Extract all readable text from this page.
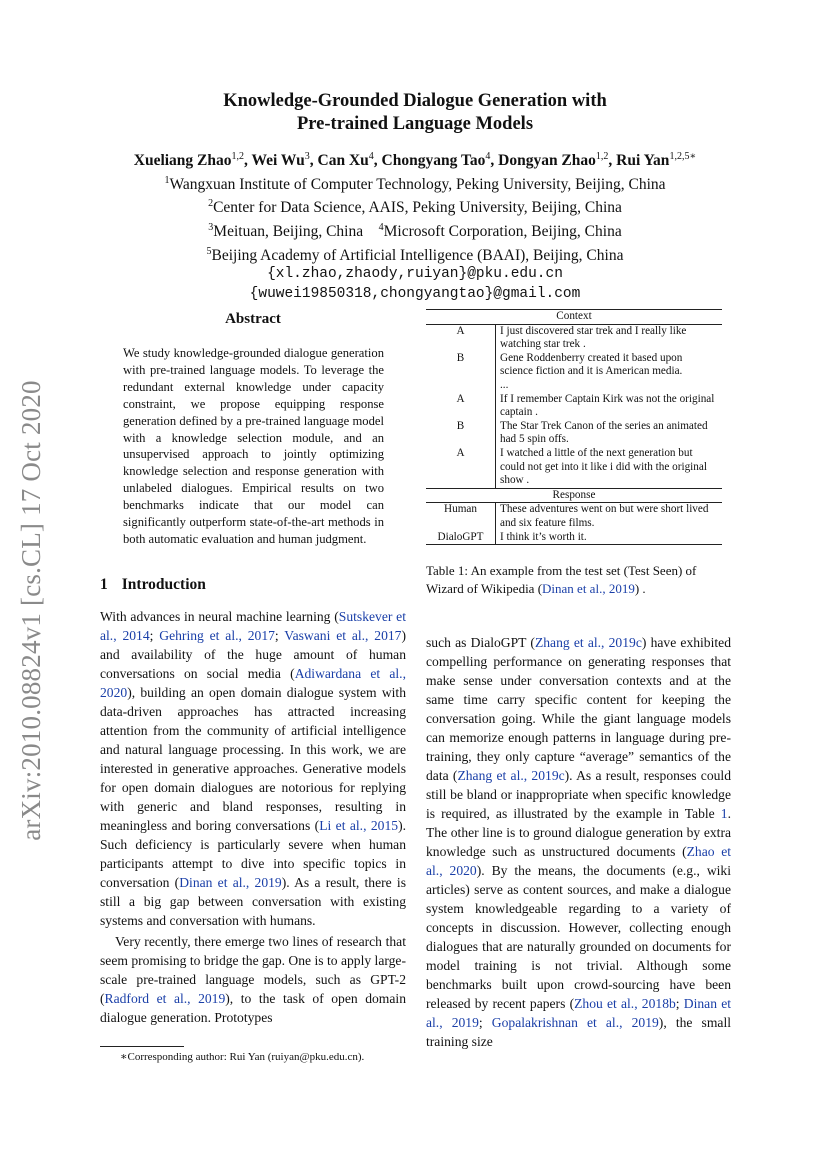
arXiv:2010.08824v1 [cs.CL] 17 Oct 2020
Knowledge-Grounded Dialogue Generation with
Pre-trained Language Models
Xueliang Zhao$^{1,2}$, Wei Wu$^3$, Can Xu$^4$, Chongyang Tao$^4$, Dongyan Zhao$^{1,2}$, Rui Yan$^{1,2,5∗}$
$^1$Wangxuan Institute of Computer Technology, Peking University, Beijing, China
$^2$Center for Data Science, AAIS, Peking University, Beijing, China
$^3$Meituan, Beijing, China  $^4$Microsoft Corporation, Beijing, China
$^5$Beijing Academy of Artificial Intelligence (BAAI), Beijing, China
{xl.zhao,zhaody,ruiyan}@pku.edu.cn
{wuwei19850318,chongyangtao}@gmail.com
Abstract
We study knowledge-grounded dialogue generation with pre-trained language models. To leverage the redundant external knowledge under capacity constraint, we propose equipping response generation defined by a pre-trained language model with a knowledge selection module, and an unsupervised approach to jointly optimizing knowledge selection and response generation with unlabeled dialogues. Empirical results on two benchmarks indicate that our model can significantly outperform state-of-the-art methods in both automatic evaluation and human judgment.
Context	
A	I just discovered star trek and I really like watching star trek .
B	Gene Roddenberry created it based upon science fiction and it is American media.
	...
A	If I remember Captain Kirk was not the original captain .
B	The Star Trek Canon of the series an animated had 5 spin offs.
A	I watched a little of the next generation but could not get into it like i did with the original show .
Response	
Human	These adventures went on but were short lived and six feature films.
DialoGPT	I think it’s worth it.
Table 1: An example from the test set (Test Seen) of Wizard of Wikipedia (Dinan et al., 2019) .
1 Introduction

With advances in neural machine learning (Sutskever et al., 2014; Gehring et al., 2017; Vaswani et al., 2017) and availability of the huge amount of human conversations on social media (Adiwardana et al., 2020), building an open domain dialogue system with data-driven approaches has attracted increasing attention from the community of artificial intelligence and natural language processing. In this work, we are interested in generative approaches. Generative models for open domain dialogues are notorious for replying with generic and bland responses, resulting in meaningless and boring conversations (Li et al., 2015). Such deficiency is particularly severe when human participants attempt to dive into specific topics in conversation (Dinan et al., 2019). As a result, there is still a big gap between conversation with existing systems and conversation with humans.

Very recently, there emerge two lines of research that seem promising to bridge the gap. One is to apply large-scale pre-trained language models, such as GPT-2 (Radford et al., 2019), to the task of open domain dialogue generation. Prototypes

such as DialoGPT (Zhang et al., 2019c) have exhibited compelling performance on generating responses that make sense under conversation contexts and at the same time carry specific content for keeping the conversation going. While the giant language models can memorize enough patterns in language during pre-training, they only capture “average” semantics of the data (Zhang et al., 2019c). As a result, responses could still be bland or inappropriate when specific knowledge is required, as illustrated by the example in Table 1. The other line is to ground dialogue generation by extra knowledge such as unstructured documents (Zhao et al., 2020). By the means, the documents (e.g., wiki articles) serve as content sources, and make a dialogue system knowledgeable regarding to a variety of concepts in discussion. However, collecting enough dialogues that are naturally grounded on documents for model training is not trivial. Although some benchmarks built upon crowd-sourcing have been released by recent papers (Zhou et al., 2018b; Dinan et al., 2019; Gopalakrishnan et al., 2019), the small training size

∗Corresponding author: Rui Yan (ruiyan@pku.edu.cn).
